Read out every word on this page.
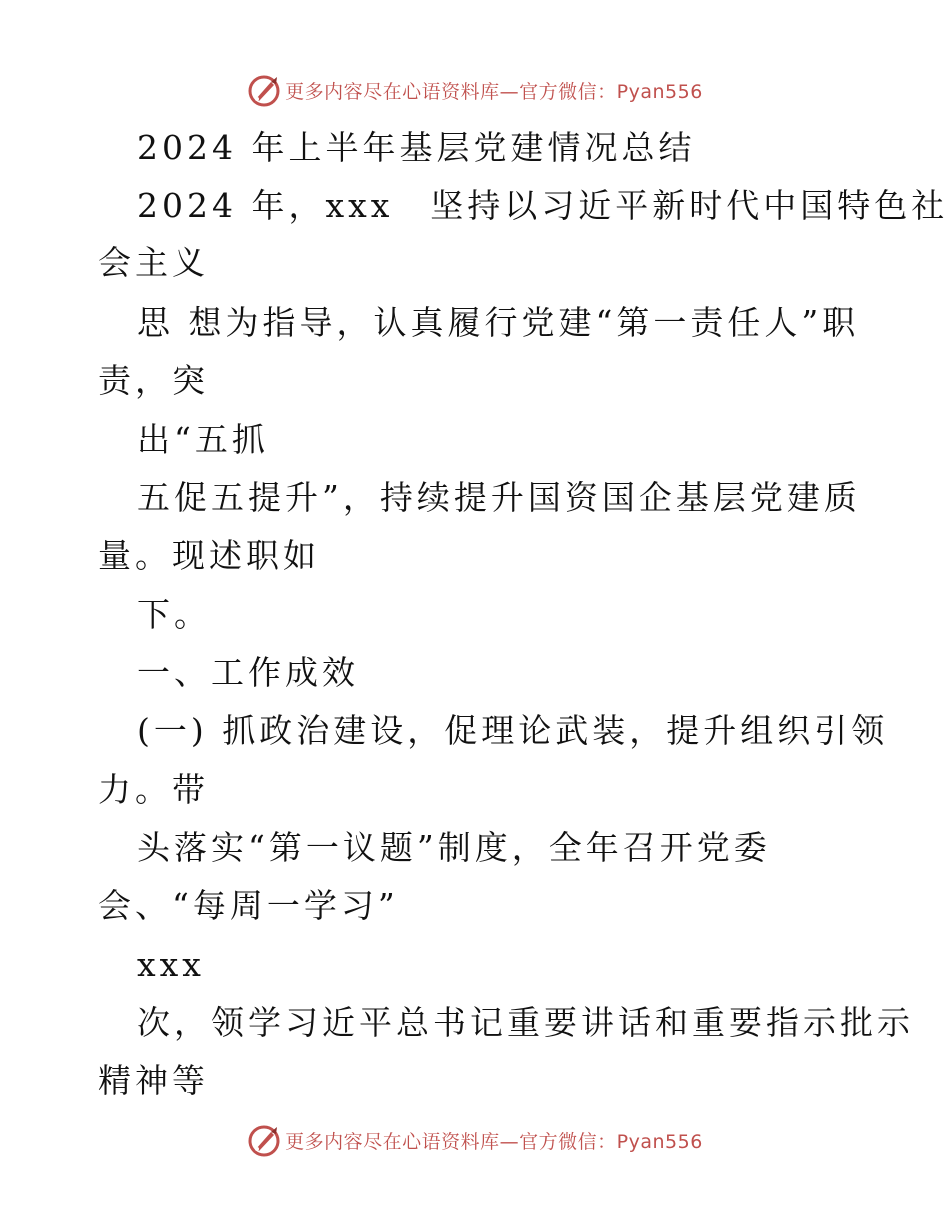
更多内容尽在心语资料库—官方微信：Pyan556
2024 年上半年基层党建情况总结
2024 年，xxx　坚持以习近平新时代中国特色社
会主义
思 想为指导，认真履行党建“第一责任人”职
责，突
出“五抓
五促五提升”，持续提升国资国企基层党建质
量。现述职如
下。
一、工作成效
(一) 抓政治建设，促理论武装，提升组织引领
力。带
头落实“第一议题”制度，全年召开党委
会、“每周一学习”
xxx
次，领学习近平总书记重要讲话和重要指示批示
精神等
更多内容尽在心语资料库—官方微信：Pyan556
